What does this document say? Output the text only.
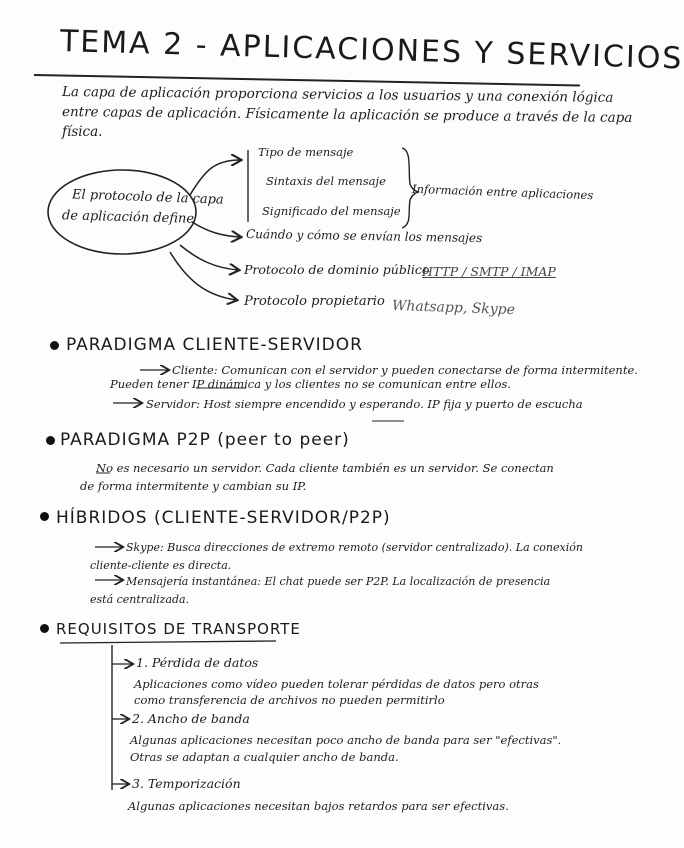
TEMA 2 - APLICACIONES Y SERVICIOS
La capa de aplicación proporciona servicios a los usuarios y una conexión lógica
entre capas de aplicación. Físicamente la aplicación se produce a través de la capa
física.
El protocolo de la capa
de aplicación define
Tipo de mensaje
Sintaxis del mensaje
Significado del mensaje
Información entre aplicaciones
Cuándo y cómo se envían los mensajes
Protocolo de dominio público
HTTP / SMTP / IMAP
Protocolo propietario Whatsapp, Skype
PARADIGMA CLIENTE-SERVIDOR
Cliente: Comunican con el servidor y pueden conectarse de forma intermitente.
Pueden tener IP dinámica y los clientes no se comunican entre ellos.
Servidor: Host siempre encendido y esperando. IP fija y puerto de escucha
PARADIGMA P2P (peer to peer)
No es necesario un servidor. Cada cliente también es un servidor. Se conectan
de forma intermitente y cambian su IP.
HÍBRIDOS (CLIENTE-SERVIDOR/P2P)
Skype: Busca direcciones de extremo remoto (servidor centralizado). La conexión
cliente-cliente es directa.
Mensajería instantánea: El chat puede ser P2P. La localización de presencia
está centralizada.
REQUISITOS DE TRANSPORTE
1. Pérdida de datos
Aplicaciones como vídeo pueden tolerar pérdidas de datos pero otras
como transferencia de archivos no pueden permitirlo
2. Ancho de banda
Algunas aplicaciones necesitan poco ancho de banda para ser "efectivas".
Otras se adaptan a cualquier ancho de banda.
3. Temporización
Algunas aplicaciones necesitan bajos retardos para ser efectivas.
